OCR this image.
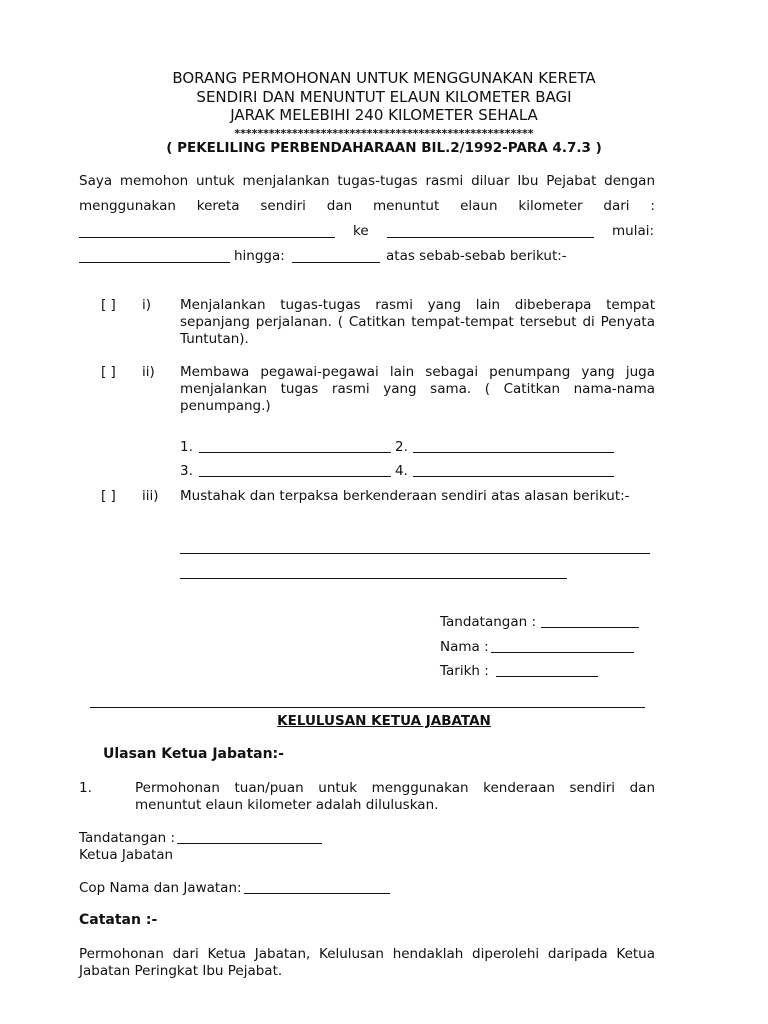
BORANG PERMOHONAN UNTUK MENGGUNAKAN KERETA
SENDIRI DAN MENUNTUT ELAUN KILOMETER BAGI
JARAK MELEBIHI 240 KILOMETER SEHALA
****************************************************
( PEKELILING PERBENDAHARAAN BIL.2/1992-PARA 4.7.3 )
Saya memohon untuk menjalankan tugas-tugas rasmi diluar Ibu Pejabat dengan
menggunakan kereta sendiri dan menuntut elaun kilometer dari :
ke	mulai:
hingga:	atas sebab-sebab berikut:-
[ ] i) Menjalankan tugas-tugas rasmi yang lain dibeberapa tempat sepanjang perjalanan. ( Catitkan tempat-tempat tersebut di Penyata Tuntutan).
[ ] ii) Membawa pegawai-pegawai lain sebagai penumpang yang juga menjalankan tugas rasmi yang sama. ( Catitkan nama-nama penumpang.)
1.	2.
3.	4.
[ ] iii) Mustahak dan terpaksa berkenderaan sendiri atas alasan berikut:-
Tandatangan :
Nama :
Tarikh :
KELULUSAN KETUA JABATAN
Ulasan Ketua Jabatan:-
1.	Permohonan tuan/puan untuk menggunakan kenderaan sendiri dan menuntut elaun kilometer adalah diluluskan.
Tandatangan :
Ketua Jabatan
Cop Nama dan Jawatan:
Catatan :-
Permohonan dari Ketua Jabatan, Kelulusan hendaklah diperolehi daripada Ketua Jabatan Peringkat Ibu Pejabat.
